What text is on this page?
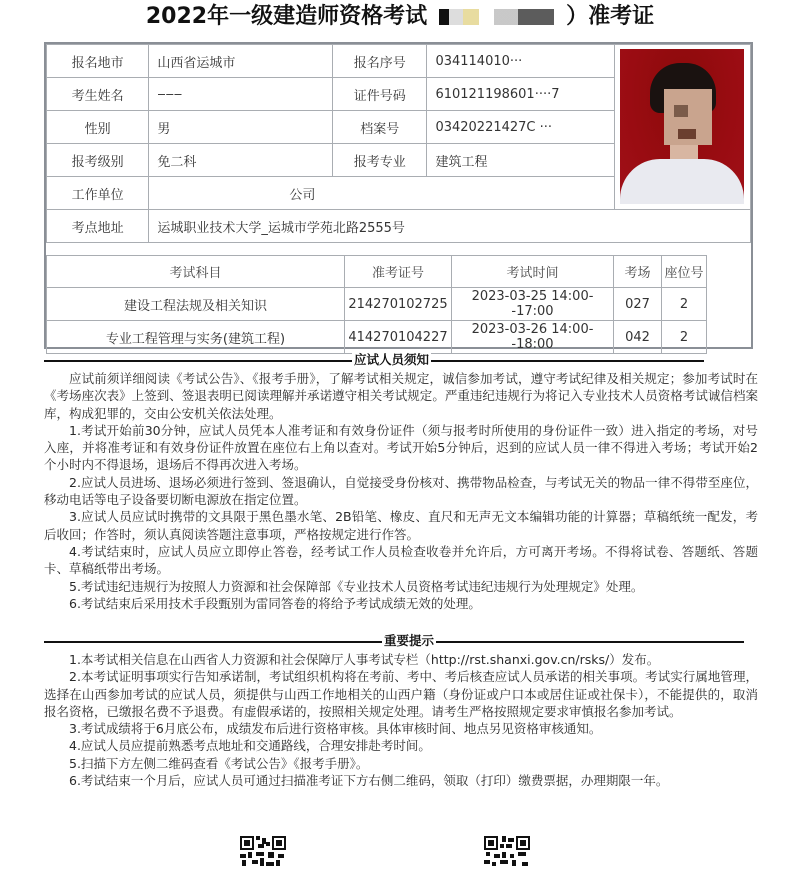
2022年一级建造师资格考试	）准考证
报名地市	山西省运城市	报名序号	034114010···	

考生姓名	‒‒‒	证件号码	610121198601····7	
性别	男	档案号	03420221427C ···	
报考级别	免二科	报考专业	建筑工程	
工作单位	公司			
考点地址	运城职业技术大学_运城市学苑北路2555号			
考试科目	准考证号	考试时间	考场	座位号
建设工程法规及相关知识	214270102725	2023-03-25 14:00--17:00	027	2
专业工程管理与实务(建筑工程)	414270104227	2023-03-26 14:00--18:00	042	2
应试人员须知

应试前须详细阅读《考试公告》、《报考手册》，了解考试相关规定，诚信参加考试，遵守考试纪律及相关规定；参加考试时在《考场座次表》上签到、签退表明已阅读理解并承诺遵守相关考试规定。严重违纪违规行为将记入专业技术人员资格考试诚信档案库，构成犯罪的，交由公安机关依法处理。

1.考试开始前30分钟，应试人员凭本人准考证和有效身份证件（须与报考时所使用的身份证件一致）进入指定的考场，对号入座，并将准考证和有效身份证件放置在座位右上角以查对。考试开始5分钟后，迟到的应试人员一律不得进入考场；考试开始2个小时内不得退场，退场后不得再次进入考场。

2.应试人员进场、退场必须进行签到、签退确认，自觉接受身份核对、携带物品检查，与考试无关的物品一律不得带至座位，移动电话等电子设备要切断电源放在指定位置。

3.应试人员应试时携带的文具限于黑色墨水笔、2B铅笔、橡皮、直尺和无声无文本编辑功能的计算器；草稿纸统一配发，考后收回；作答时，须认真阅读答题注意事项，严格按规定进行作答。

4.考试结束时，应试人员应立即停止答卷，经考试工作人员检查收卷并允许后，方可离开考场。不得将试卷、答题纸、答题卡、草稿纸带出考场。

5.考试违纪违规行为按照人力资源和社会保障部《专业技术人员资格考试违纪违规行为处理规定》处理。

6.考试结束后采用技术手段甄别为雷同答卷的将给予考试成绩无效的处理。

重要提示

1.本考试相关信息在山西省人力资源和社会保障厅人事考试专栏（http://rst.shanxi.gov.cn/rsks/）发布。

2.本考试证明事项实行告知承诺制，考试组织机构将在考前、考中、考后核查应试人员承诺的相关事项。考试实行属地管理，选择在山西参加考试的应试人员，须提供与山西工作地相关的山西户籍（身份证或户口本或居住证或社保卡），不能提供的，取消报名资格，已缴报名费不予退费。有虚假承诺的，按照相关规定处理。请考生严格按照规定要求审慎报名参加考试。

3.考试成绩将于6月底公布，成绩发布后进行资格审核。具体审核时间、地点另见资格审核通知。

4.应试人员应提前熟悉考点地址和交通路线，合理安排赴考时间。

5.扫描下方左侧二维码查看《考试公告》《报考手册》。

6.考试结束一个月后，应试人员可通过扫描准考证下方右侧二维码，领取（打印）缴费票据，办理期限一年。
